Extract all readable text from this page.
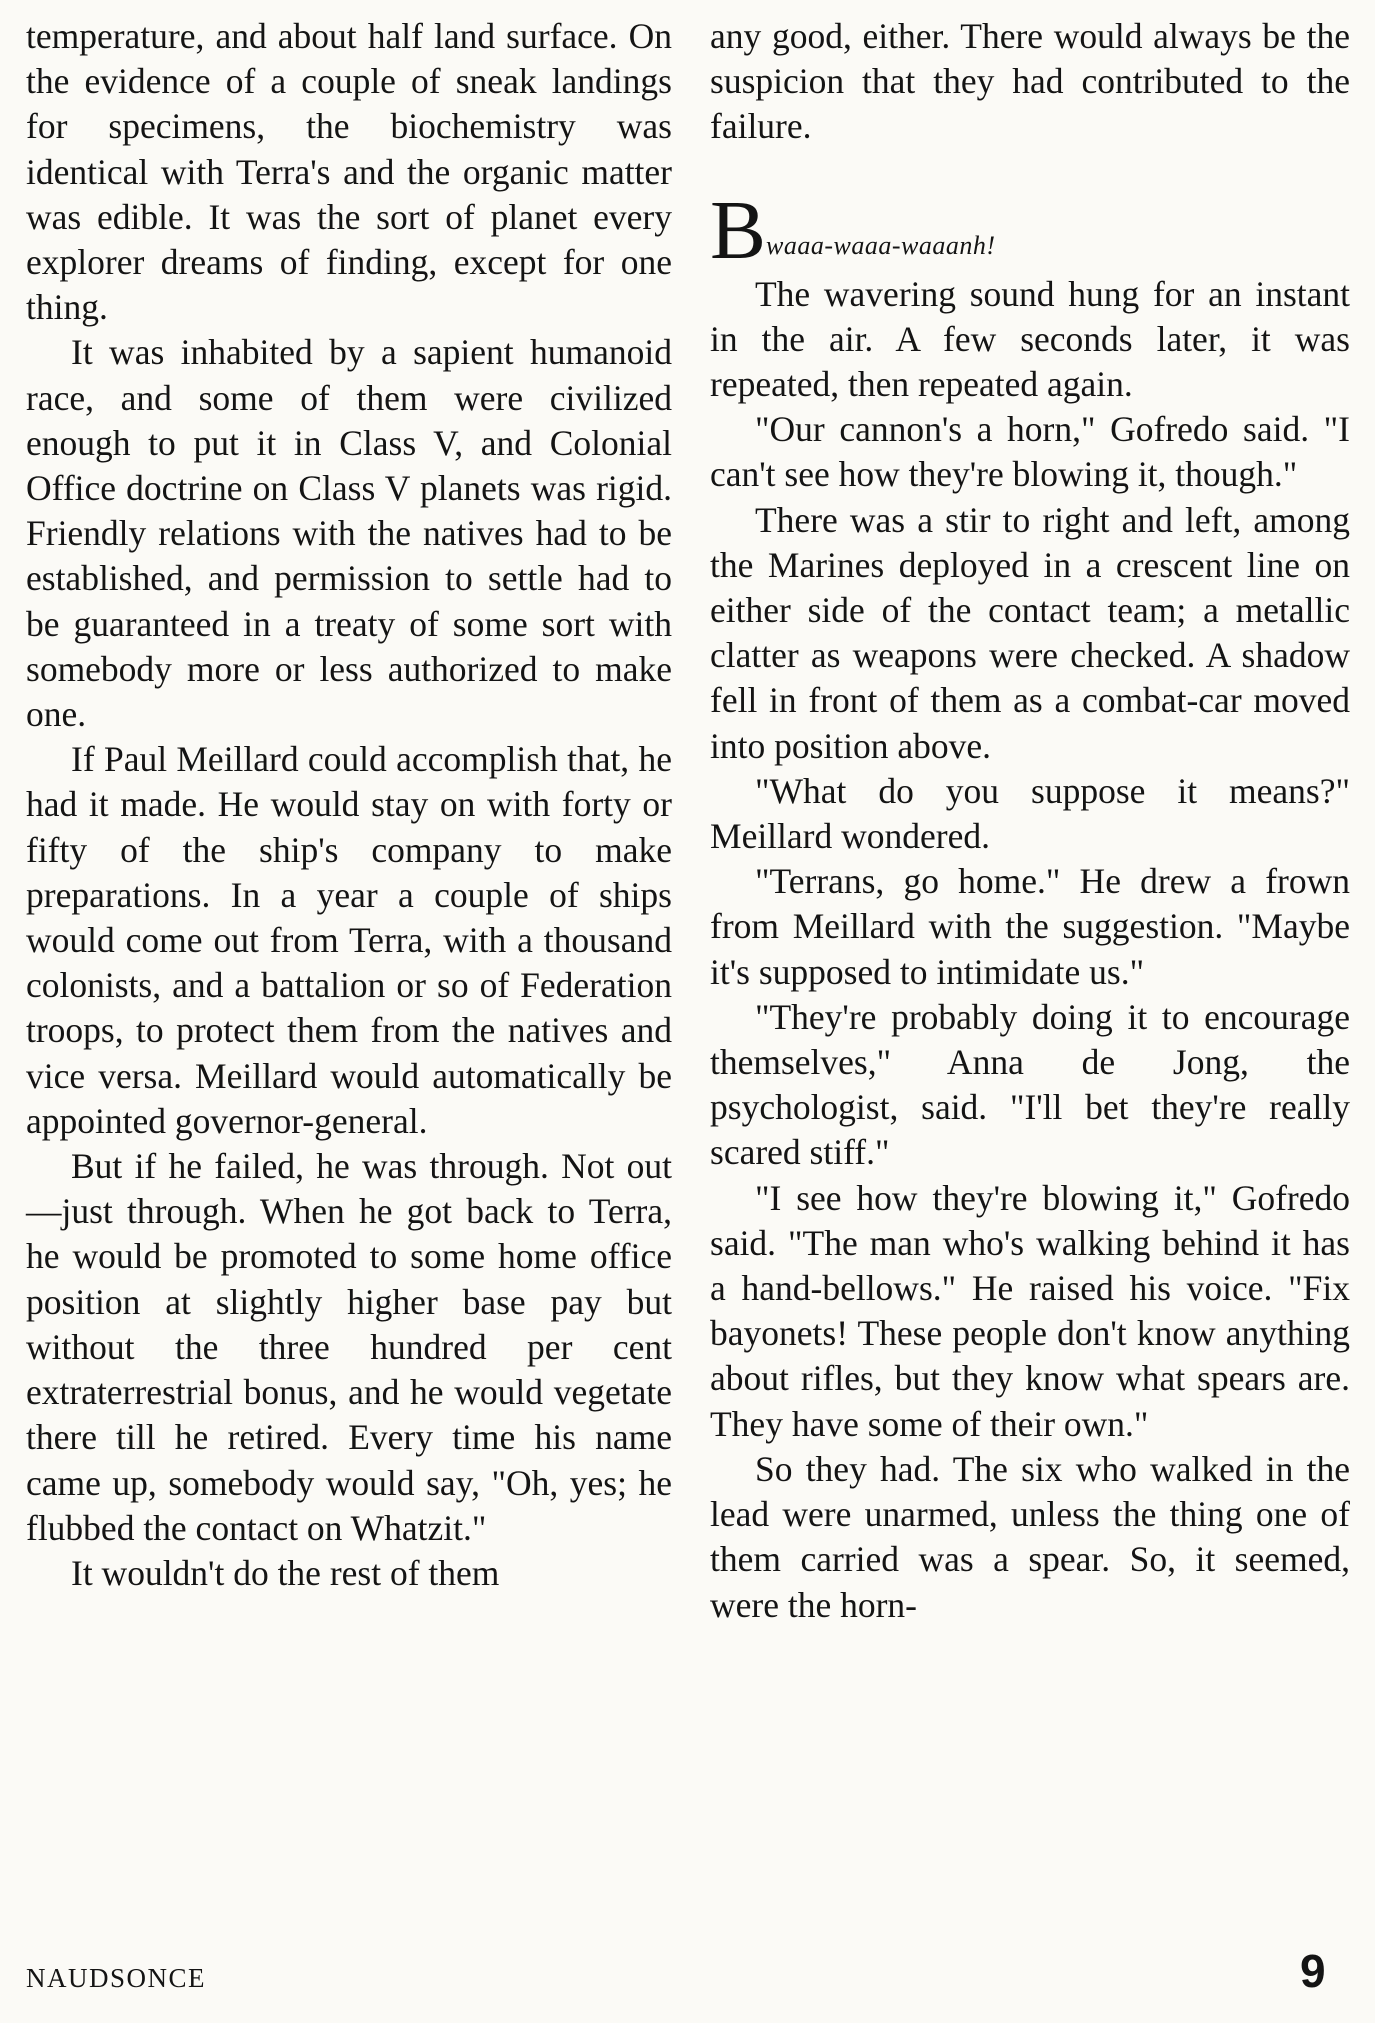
temperature, and about half land surface. On the evidence of a couple of sneak landings for specimens, the biochemistry was identical with Terra's and the organic matter was edible. It was the sort of planet every explorer dreams of finding, except for one thing.

It was inhabited by a sapient humanoid race, and some of them were civilized enough to put it in Class V, and Colonial Office doctrine on Class V planets was rigid. Friendly relations with the natives had to be established, and permission to settle had to be guaranteed in a treaty of some sort with somebody more or less authorized to make one.

If Paul Meillard could accomplish that, he had it made. He would stay on with forty or fifty of the ship's company to make preparations. In a year a couple of ships would come out from Terra, with a thousand colonists, and a battalion or so of Federation troops, to protect them from the natives and vice versa. Meillard would automatically be appointed governor-general.

But if he failed, he was through. Not out—just through. When he got back to Terra, he would be promoted to some home office position at slightly higher base pay but without the three hundred per cent extraterrestrial bonus, and he would vegetate there till he retired. Every time his name came up, somebody would say, "Oh, yes; he flubbed the contact on Whatzit."

It wouldn't do the rest of them

any good, either. There would always be the suspicion that they had contributed to the failure.

Bwaaa-waaa-waaanh!

The wavering sound hung for an instant in the air. A few seconds later, it was repeated, then repeated again.

"Our cannon's a horn," Gofredo said. "I can't see how they're blowing it, though."

There was a stir to right and left, among the Marines deployed in a crescent line on either side of the contact team; a metallic clatter as weapons were checked. A shadow fell in front of them as a combat-car moved into position above.

"What do you suppose it means?" Meillard wondered.

"Terrans, go home." He drew a frown from Meillard with the suggestion. "Maybe it's supposed to intimidate us."

"They're probably doing it to encourage themselves," Anna de Jong, the psychologist, said. "I'll bet they're really scared stiff."

"I see how they're blowing it," Gofredo said. "The man who's walking behind it has a hand-bellows." He raised his voice. "Fix bayonets! These people don't know anything about rifles, but they know what spears are. They have some of their own."

So they had. The six who walked in the lead were unarmed, unless the thing one of them carried was a spear. So, it seemed, were the horn-

NAUDSONCE	9
